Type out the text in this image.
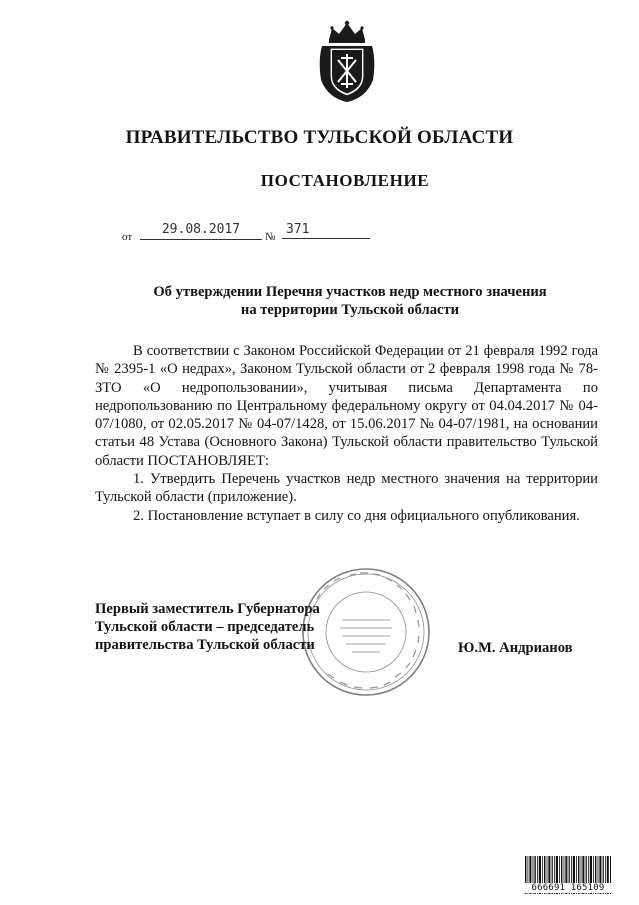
ПРАВИТЕЛЬСТВО ТУЛЬСКОЙ ОБЛАСТИ
ПОСТАНОВЛЕНИЕ
от	29.08.2017	№ 371
Об утверждении Перечня участков недр местного значения
на территории Тульской области

В соответствии с Законом Российской Федерации от 21 февраля 1992 года № 2395-1 «О недрах», Законом Тульской области от 2 февраля 1998 года № 78-ЗТО «О недропользовании», учитывая письма Департамента по недропользованию по Центральному федеральному округу от 04.04.2017 № 04-07/1080, от 02.05.2017 № 04-07/1428, от 15.06.2017 № 04-07/1981, на основании статьи 48 Устава (Основного Закона) Тульской области правительство Тульской области ПОСТАНОВЛЯЕТ:

1. Утвердить Перечень участков недр местного значения на территории Тульской области (приложение).

2. Постановление вступает в силу со дня официального опубликования.

Первый заместитель Губернатора
Тульской области – председатель
правительства Тульской области	Ю.М. Андрианов
666691 165109
